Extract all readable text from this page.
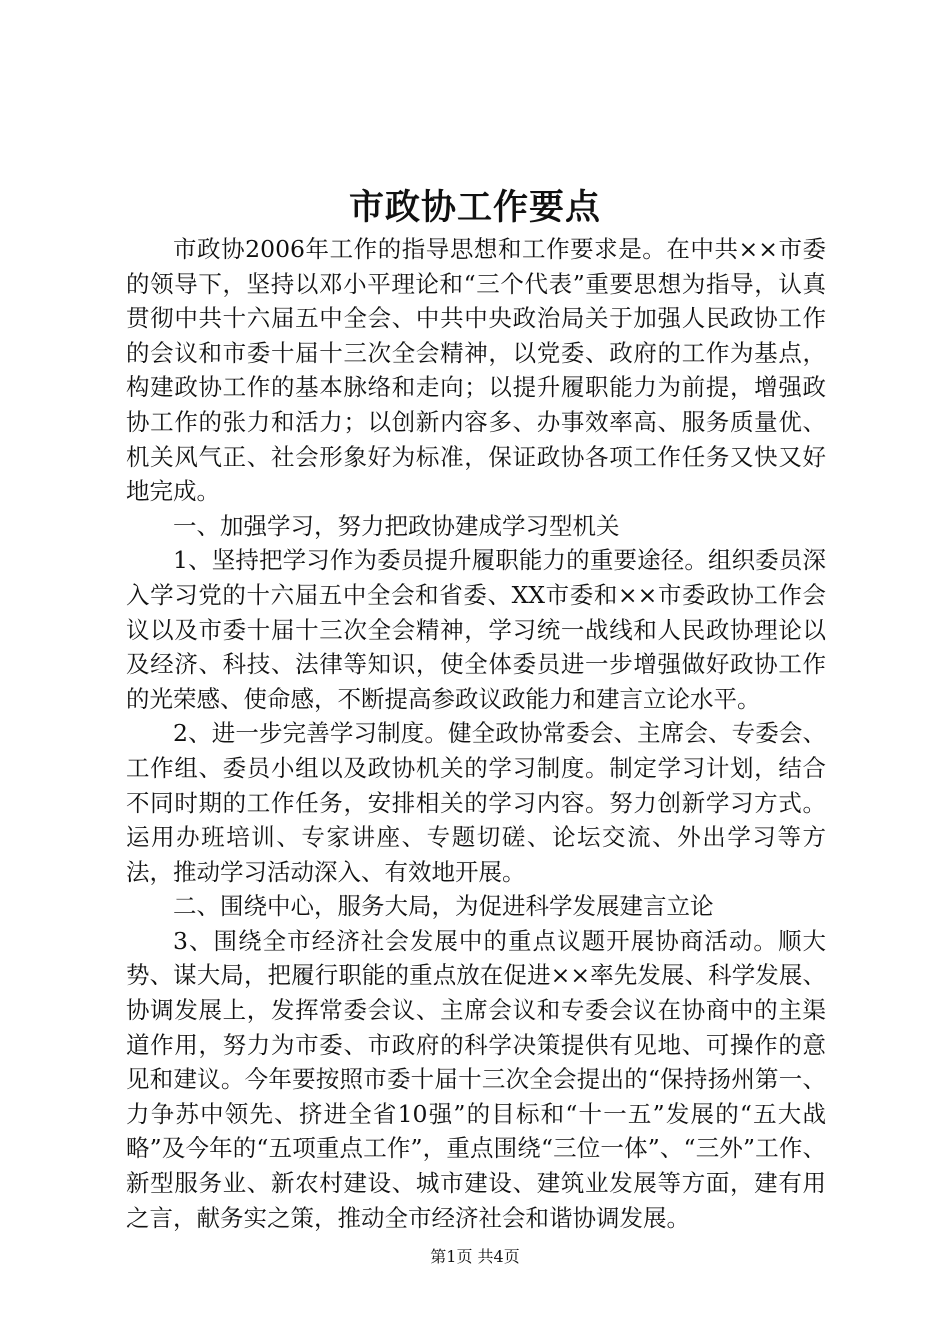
市政协工作要点

市政协2006年工作的指导思想和工作要求是。在中共××市委的领导下，坚持以邓小平理论和“三个代表”重要思想为指导，认真贯彻中共十六届五中全会、中共中央政治局关于加强人民政协工作的会议和市委十届十三次全会精神，以党委、政府的工作为基点，构建政协工作的基本脉络和走向；以提升履职能力为前提，增强政协工作的张力和活力；以创新内容多、办事效率高、服务质量优、机关风气正、社会形象好为标准，保证政协各项工作任务又快又好地完成。

一、加强学习，努力把政协建成学习型机关

1、坚持把学习作为委员提升履职能力的重要途径。组织委员深入学习党的十六届五中全会和省委、XX市委和××市委政协工作会议以及市委十届十三次全会精神，学习统一战线和人民政协理论以及经济、科技、法律等知识，使全体委员进一步增强做好政协工作的光荣感、使命感，不断提高参政议政能力和建言立论水平。

2、进一步完善学习制度。健全政协常委会、主席会、专委会、工作组、委员小组以及政协机关的学习制度。制定学习计划，结合不同时期的工作任务，安排相关的学习内容。努力创新学习方式。运用办班培训、专家讲座、专题切磋、论坛交流、外出学习等方法，推动学习活动深入、有效地开展。

二、围绕中心，服务大局，为促进科学发展建言立论

3、围绕全市经济社会发展中的重点议题开展协商活动。顺大势、谋大局，把履行职能的重点放在促进××率先发展、科学发展、协调发展上，发挥常委会议、主席会议和专委会议在协商中的主渠道作用，努力为市委、市政府的科学决策提供有见地、可操作的意见和建议。今年要按照市委十届十三次全会提出的“保持扬州第一、力争苏中领先、挤进全省10强”的目标和“十一五”发展的“五大战略”及今年的“五项重点工作”，重点围绕“三位一体”、“三外”工作、新型服务业、新农村建设、城市建设、建筑业发展等方面，建有用之言，献务实之策，推动全市经济社会和谐协调发展。

第1页 共4页
